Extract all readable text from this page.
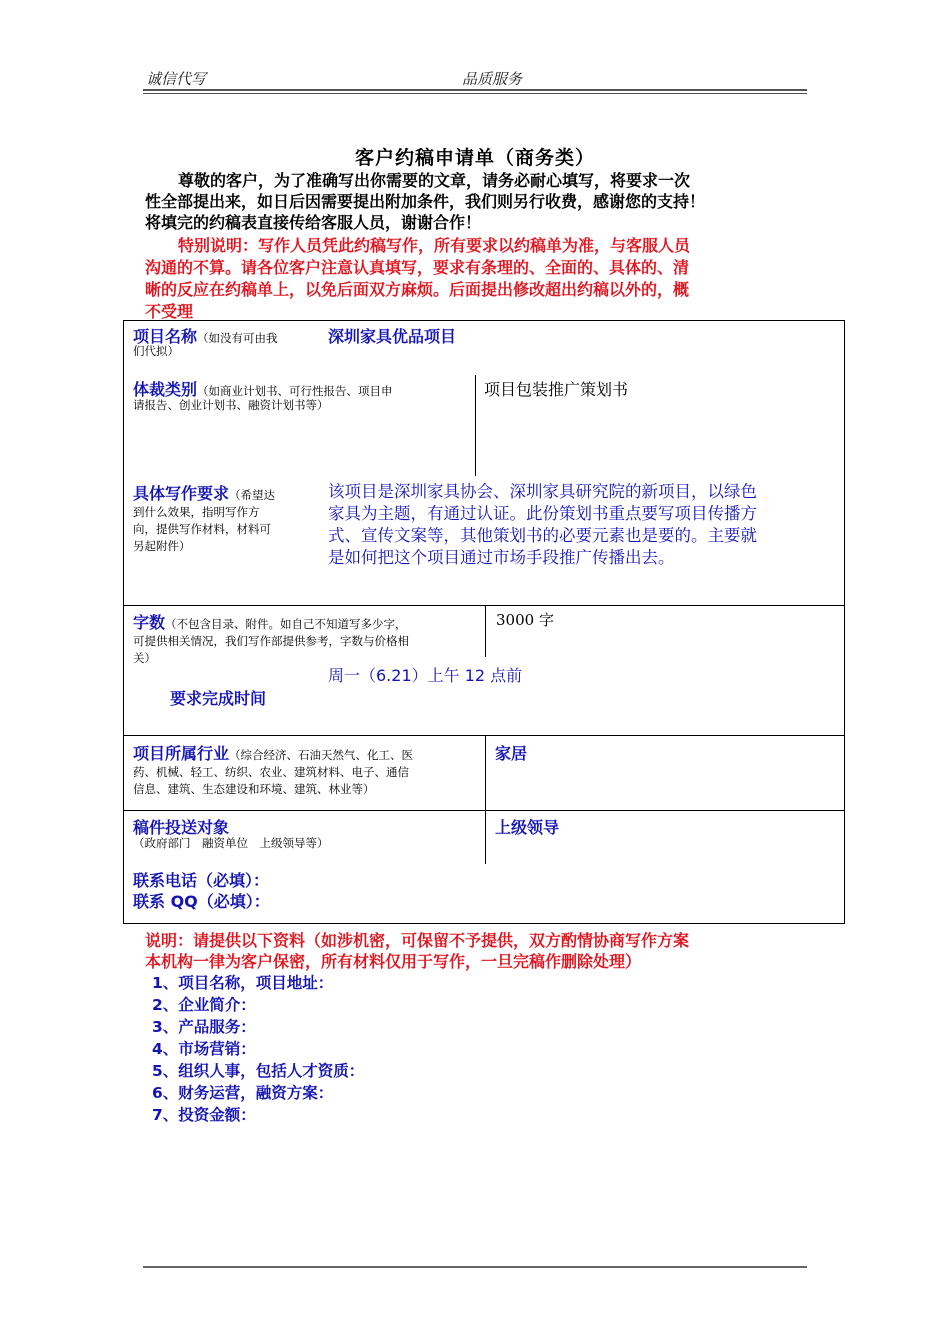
诚信代写	品质服务
客户约稿申请单（商务类）
尊敬的客户，为了准确写出你需要的文章，请务必耐心填写，将要求一次
性全部提出来，如日后因需要提出附加条件，我们则另行收费，感谢您的支持！
将填完的约稿表直接传给客服人员，谢谢合作！
特别说明：写作人员凭此约稿写作，所有要求以约稿单为准，与客服人员
沟通的不算。请各位客户注意认真填写，要求有条理的、全面的、具体的、清
晰的反应在约稿单上，以免后面双方麻烦。后面提出修改超出约稿以外的，概
不受理
项目名称（如没有可由我
们代拟）
深圳家具优品项目
体裁类别（如商业计划书、可行性报告、项目申
请报告、创业计划书、融资计划书等）
项目包装推广策划书
具体写作要求（希望达
到什么效果，指明写作方
向，提供写作材料，材料可
另起附件）
该项目是深圳家具协会、深圳家具研究院的新项目，以绿色
家具为主题，有通过认证。此份策划书重点要写项目传播方
式、宣传文案等，其他策划书的必要元素也是要的。主要就
是如何把这个项目通过市场手段推广传播出去。
字数（不包含目录、附件。如自己不知道写多少字，
可提供相关情况，我们写作部提供参考，字数与价格相
关）
3000 字
周一（6.21）上午 12 点前
要求完成时间
项目所属行业（综合经济、石油天然气、化工、医
药、机械、轻工、纺织、农业、建筑材料、电子、通信
信息、建筑、生态建设和环境、建筑、林业等）
家居
稿件投送对象
（政府部门　融资单位　上级领导等）
上级领导
联系电话（必填）：
联系 QQ（必填）：
说明：请提供以下资料（如涉机密，可保留不予提供，双方酌情协商写作方案
本机构一律为客户保密，所有材料仅用于写作，一旦完稿作删除处理）
1、项目名称，项目地址：
2、企业简介：
3、产品服务：
4、市场营销：
5、组织人事，包括人才资质：
6、财务运营，融资方案：
7、投资金额：
